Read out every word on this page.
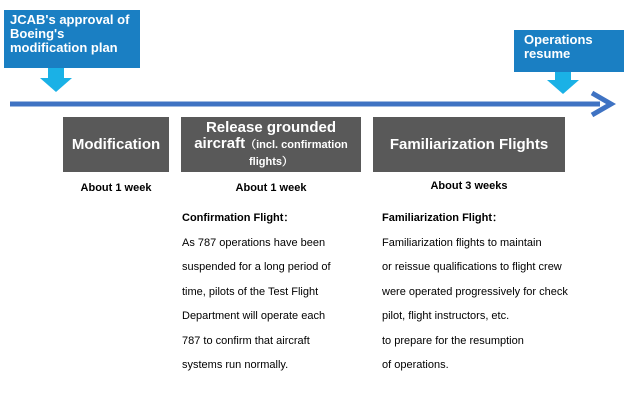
JCAB's approval of
Boeing's
modification plan
Operations
resume
Modification
Release grounded
aircraft（incl. confirmation flights）
Familiarization Flights
About 1 week	About 1 week	About 3 weeks
Confirmation Flight：
As 787 operations have been
suspended for a long period of
time, pilots of the Test Flight
Department will operate each
787 to confirm that aircraft
systems run normally.
Familiarization Flight：
Familiarization flights to maintain
or reissue qualifications to flight crew
were operated progressively for check
pilot, flight instructors, etc.
to prepare for the resumption
of operations.
